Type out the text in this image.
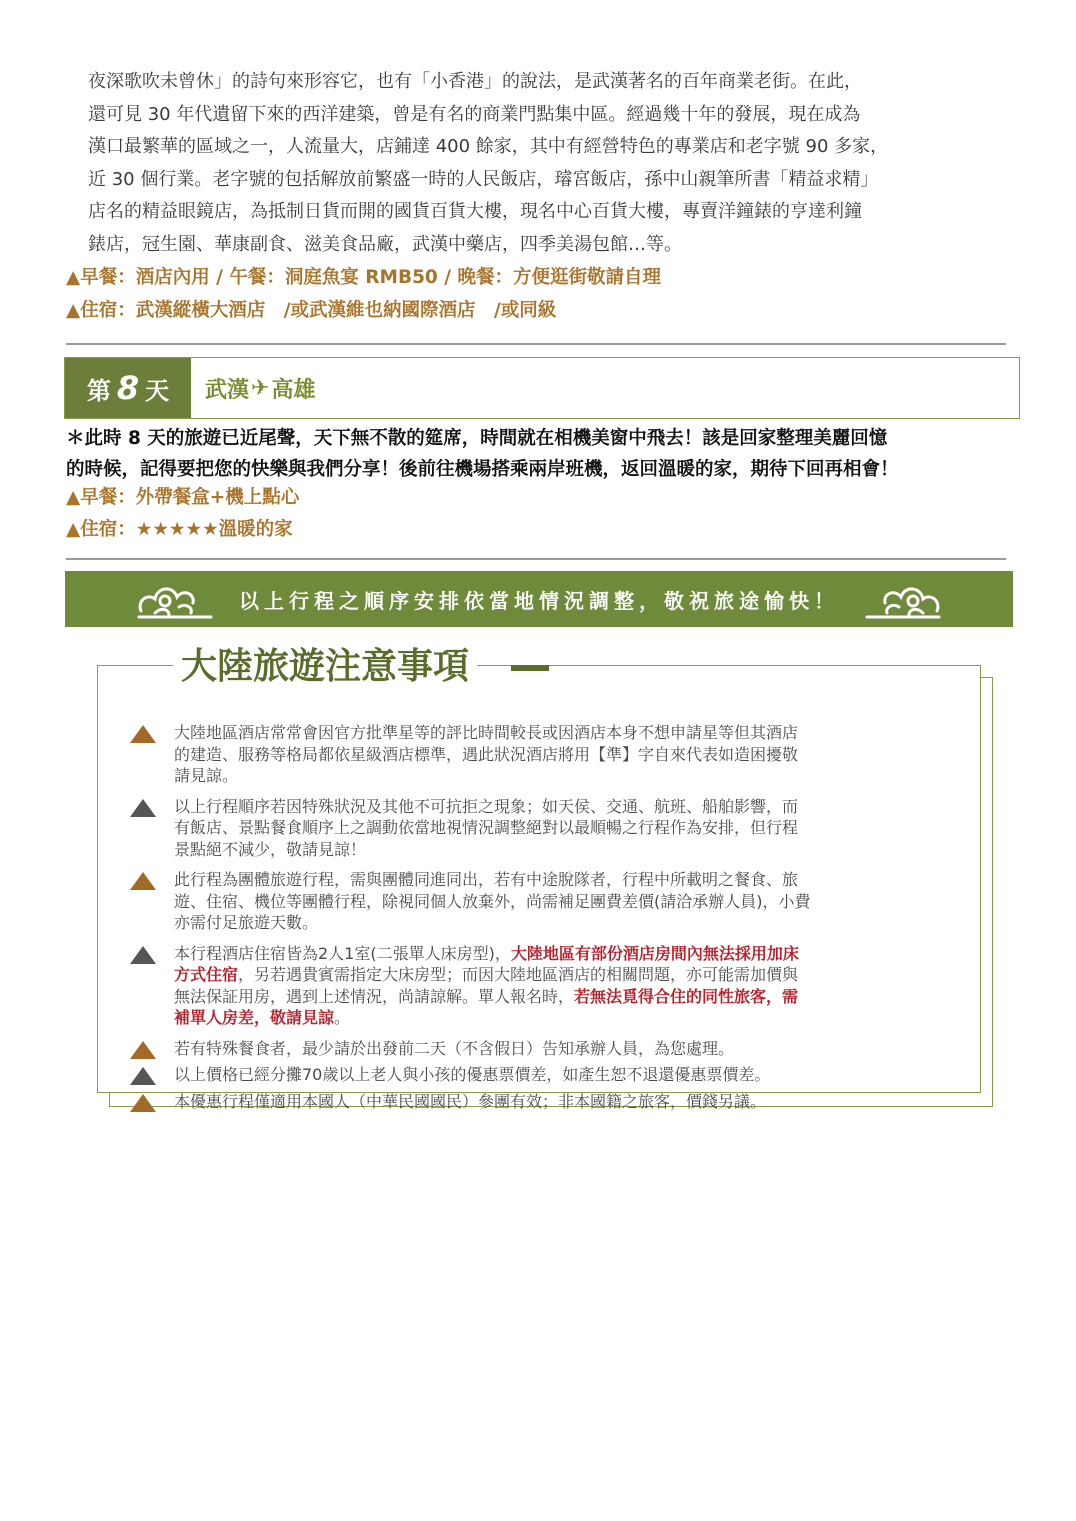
夜深歌吹未曾休」的詩句來形容它，也有「小香港」的說法，是武漢著名的百年商業老街。在此，
還可見 30 年代遺留下來的西洋建築，曾是有名的商業門點集中區。經過幾十年的發展，現在成為
漢口最繁華的區域之一，人流量大，店鋪達 400 餘家，其中有經營特色的專業店和老字號 90 多家，
近 30 個行業。老字號的包括解放前繁盛一時的人民飯店，璿宮飯店，孫中山親筆所書「精益求精」
店名的精益眼鏡店，為抵制日貨而開的國貨百貨大樓，現名中心百貨大樓，專賣洋鐘錶的亨達利鐘
錶店，冠生園、華康副食、滋美食品廠，武漢中藥店，四季美湯包館…等。
▲早餐：酒店內用 / 午餐：洞庭魚宴 RMB50 / 晚餐：方便逛街敬請自理
▲住宿：武漢縱橫大酒店　/或武漢維也納國際酒店　/或同級
第 8 天 武漢 ✈ 高雄
＊此時 8 天的旅遊已近尾聲，天下無不散的筵席，時間就在相機美窗中飛去！該是回家整理美麗回憶
的時候，記得要把您的快樂與我們分享！後前往機場搭乘兩岸班機，返回溫暖的家，期待下回再相會！
▲早餐：外帶餐盒+機上點心
▲住宿：★★★★★溫暖的家
以上行程之順序安排依當地情況調整，敬祝旅途愉快！
大陸地區酒店常常會因官方批準星等的評比時間較長或因酒店本身不想申請星等但其酒店
的建造、服務等格局都依星級酒店標準，遇此狀況酒店將用【準】字自來代表如造困擾敬
請見諒。
以上行程順序若因特殊狀況及其他不可抗拒之現象；如天侯、交通、航班、船舶影響，而
有飯店、景點餐食順序上之調動依當地視情況調整絕對以最順暢之行程作為安排，但行程
景點絕不減少，敬請見諒！
此行程為團體旅遊行程，需與團體同進同出，若有中途脫隊者，行程中所載明之餐食、旅
遊、住宿、機位等團體行程，除視同個人放棄外，尚需補足團費差價(請洽承辦人員)，小費
亦需付足旅遊天數。
本行程酒店住宿皆為2人1室(二張單人床房型)，大陸地區有部份酒店房間內無法採用加床
方式住宿，另若遇貴賓需指定大床房型；而因大陸地區酒店的相關問題，亦可能需加價與
無法保証用房，遇到上述情況，尚請諒解。單人報名時，若無法覓得合住的同性旅客，需
補單人房差，敬請見諒。
若有特殊餐食者，最少請於出發前二天（不含假日）告知承辦人員，為您處理。
以上價格已經分攤70歲以上老人與小孩的優惠票價差，如產生恕不退還優惠票價差。
本優惠行程僅適用本國人（中華民國國民）參團有效；非本國籍之旅客，價錢另議。
大陸旅遊注意事項
